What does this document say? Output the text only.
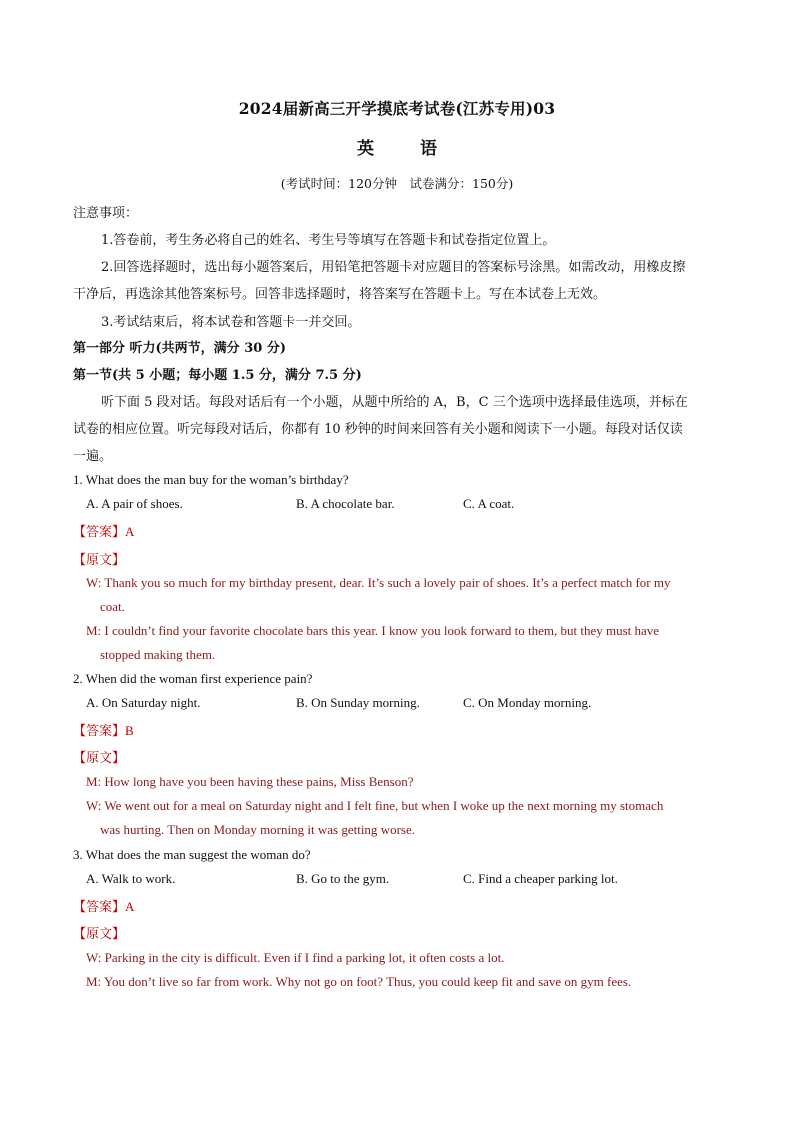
2024届新高三开学摸底考试卷(江苏专用)03
英	语
(考试时间：120分钟　试卷满分：150分)
注意事项：
1.答卷前，考生务必将自己的姓名、考生号等填写在答题卡和试卷指定位置上。
2.回答选择题时，选出每小题答案后，用铅笔把答题卡对应题目的答案标号涂黑。如需改动，用橡皮擦
干净后，再选涂其他答案标号。回答非选择题时，将答案写在答题卡上。写在本试卷上无效。
3.考试结束后，将本试卷和答题卡一并交回。
第一部分 听力(共两节，满分 30 分)
第一节(共 5 小题；每小题 1.5 分，满分 7.5 分)
听下面 5 段对话。每段对话后有一个小题，从题中所给的 A，B，C 三个选项中选择最佳选项，并标在
试卷的相应位置。听完每段对话后，你都有 10 秒钟的时间来回答有关小题和阅读下一小题。每段对话仅读
一遍。
1. What does the man buy for the woman’s birthday?
A. A pair of shoes.	B. A chocolate bar.	C. A coat.
【答案】A
【原文】
W: Thank you so much for my birthday present, dear. It’s such a lovely pair of shoes. It’s a perfect match for my
coat.
M: I couldn’t find your favorite chocolate bars this year. I know you look forward to them, but they must have
stopped making them.
2. When did the woman first experience pain?
A. On Saturday night.	B. On Sunday morning.	C. On Monday morning.
【答案】B
【原文】
M: How long have you been having these pains, Miss Benson?
W: We went out for a meal on Saturday night and I felt fine, but when I woke up the next morning my stomach
was hurting. Then on Monday morning it was getting worse.
3. What does the man suggest the woman do?
A. Walk to work.	B. Go to the gym.	C. Find a cheaper parking lot.
【答案】A
【原文】
W: Parking in the city is difficult. Even if I find a parking lot, it often costs a lot.
M: You don’t live so far from work. Why not go on foot? Thus, you could keep fit and save on gym fees.
